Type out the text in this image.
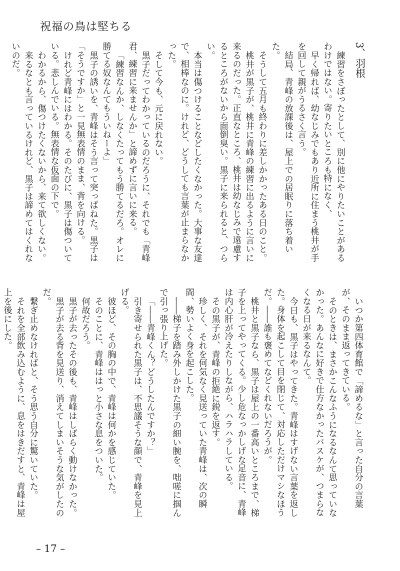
祝福の鳥は堅ちる
3、羽根

練習をさぼったとして、別に他にやりたいことがあるわけではない。寄りたいところも特になく、

早く帰れば、幼なじみでもあり近所に住まう桃井が手を回して親がうるさく言う。

結局、青峰の放課後は、屋上での居眠りに落ち着いた。

そうして五月も終わりに差しかかったある日のこと。

桃井が黒子が、桃井に青峰の練習に出るように言いに来るのだった。正直なところ、桃井は幼なじみで遠慮するところがないから面倒臭い。黒子に来られると、つらい。

本当は傷つけることなどしたくなかった。大事な友達で、相棒なのに。けれど、どうしても言葉が止まらなかった。

そして今も、元に戻れない。

黒子だってわかっているのだろうに、それでも「青峰君、練習に来ませんか」と諦めずに言いに来る。

「練習なんか、しなくたってもう勝てるだろ。オレに勝てる奴なんてもういねーよ」

黒子の誘いを、青峰はそう言って突っぱねた。黒子は「そうですか」と一見無表情のまま、背を向ける。

けれど青峰にはわかる。そのたびに、黒子は傷ついている。悲しんでいる。無表情な仮面の下で。

わかるから、傷つけたくないから、来て欲しくない。

来るなとも言っているけれど、黒子は諦めてはくれないのだ。

いつか第四体育館で「諦めるな」と言った自分の言葉が、そのまま返ってきている。

そのときは、まさかこんなふうになるなんて思っていなかった。あんなに好きで仕方なかったバスケが、つまらなくなる日が来るなんて。

今日も、黒子はやってきた。青峰はすげない言葉を返した。身体を起こして目を閉じて、対応しただけマシなほうだ。――誰も褒めてなどくれないだろうが。

桃井と黒子なら、黒子は屋上の一番高いところまで、梯子を上ってやってくる。少し危なっかしげな足音に、青峰は内心肝が冷えたりしながら、ハラハラしている。

その黒子が、青峰の拒絶に鋭を返す。

珍しく、それを何気なく見送っていた青峰は、次の瞬間、勢いよく身を起こした。

――梯子を踏み外しかけた黒子の細い腕を、咄嗟に掴んで引っ張り上げた。

「――青峰くん？どうしたんですか？」

引き寄せられた黒子は、不思議そうな顔で、青峰を見上げる。

彼ほど、その胸の中で、青峰は何かを感じていた。

そのことに、青峰ははっと小さな息をついた。

何故だろう。

黒子が去ったその後も、青峰はしばらく動けなかった。

黒子が去る背を見送り、消えてしまいそうな気がしたのだ。

繋ぎ止めなければと、そう思う自分に驚いていた。

それを全部飲み込むように、息をはきだすと、青峰は屋上を後にした。

– 17 –
